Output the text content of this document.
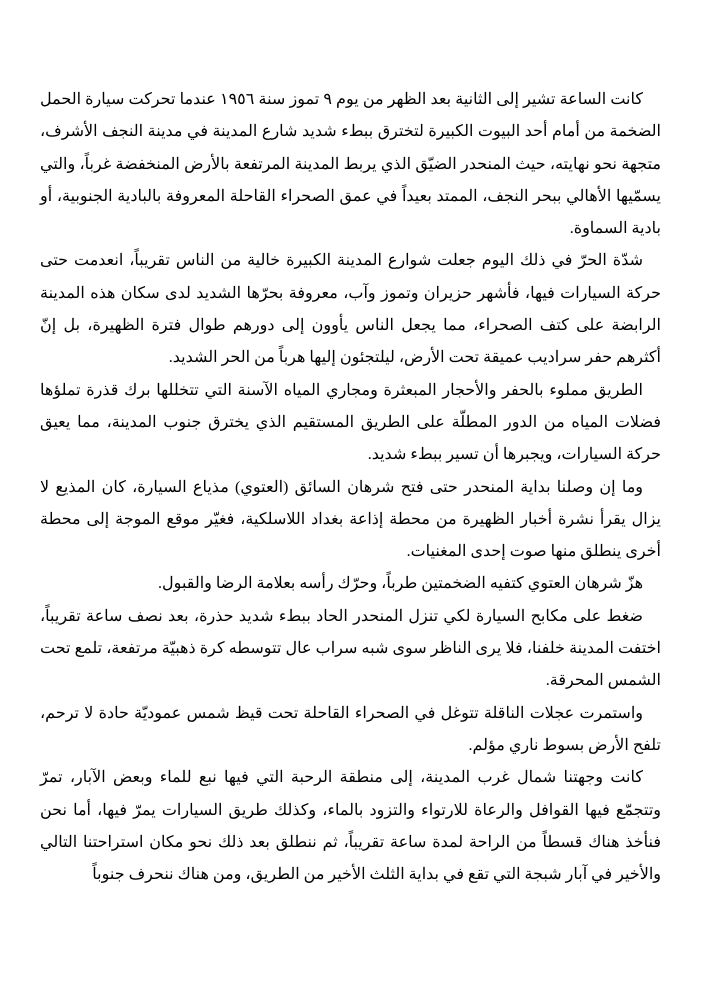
كانت الساعة تشير إلى الثانية بعد الظهر من يوم ٩ تموز سنة ١٩٥٦ عندما تحركت سيارة الحمل الضخمة من أمام أحد البيوت الكبيرة لتخترق ببطء شديد شارع المدينة في مدينة النجف الأشرف، متجهة نحو نهايته، حيث المنحدر الضيّق الذي يربط المدينة المرتفعة بالأرض المنخفضة غرباً، والتي يسمّيها الأهالي ببحر النجف، الممتد بعيداً في عمق الصحراء القاحلة المعروفة بالبادية الجنوبية، أو بادية السماوة.

شدّة الحرّ في ذلك اليوم جعلت شوارع المدينة الكبيرة خالية من الناس تقريباً، انعدمت حتى حركة السيارات فيها، فأشهر حزيران وتموز وآب، معروفة بحرّها الشديد لدى سكان هذه المدينة الرابضة على كتف الصحراء، مما يجعل الناس يأوون إلى دورهم طوال فترة الظهيرة، بل إنّ أكثرهم حفر سراديب عميقة تحت الأرض، ليلتجئون إليها هرباً من الحر الشديد.

الطريق مملوء بالحفر والأحجار المبعثرة ومجاري المياه الآسنة التي تتخللها برك قذرة تملؤها فضلات المياه من الدور المطلّة على الطريق المستقيم الذي يخترق جنوب المدينة، مما يعيق حركة السيارات، ويجبرها أن تسير ببطء شديد.

وما إن وصلنا بداية المنحدر حتى فتح شرهان السائق (العتوي) مذياع السيارة، كان المذيع لا يزال يقرأ نشرة أخبار الظهيرة من محطة إذاعة بغداد اللاسلكية، فغيّر موقع الموجة إلى محطة أخرى ينطلق منها صوت إحدى المغنيات.

هزّ شرهان العتوي كتفيه الضخمتين طرباً، وحرّك رأسه بعلامة الرضا والقبول.

ضغط على مكابح السيارة لكي تنزل المنحدر الحاد ببطء شديد حذرة، بعد نصف ساعة تقريباً، اختفت المدينة خلفنا، فلا يرى الناظر سوى شبه سراب عال تتوسطه كرة ذهبيّة مرتفعة، تلمع تحت الشمس المحرقة.

واستمرت عجلات الناقلة تتوغل في الصحراء القاحلة تحت قيظ شمس عموديّة حادة لا ترحم، تلفح الأرض بسوط ناري مؤلم.

كانت وجهتنا شمال غرب المدينة، إلى منطقة الرحبة التي فيها نبع للماء وبعض الآبار، تمرّ وتتجمّع فيها القوافل والرعاة للارتواء والتزود بالماء، وكذلك طريق السيارات يمرّ فيها، أما نحن فنأخذ هناك قسطاً من الراحة لمدة ساعة تقريباً، ثم ننطلق بعد ذلك نحو مكان استراحتنا التالي والأخير في آبار شبجة التي تقع في بداية الثلث الأخير من الطريق، ومن هناك ننحرف جنوباً
